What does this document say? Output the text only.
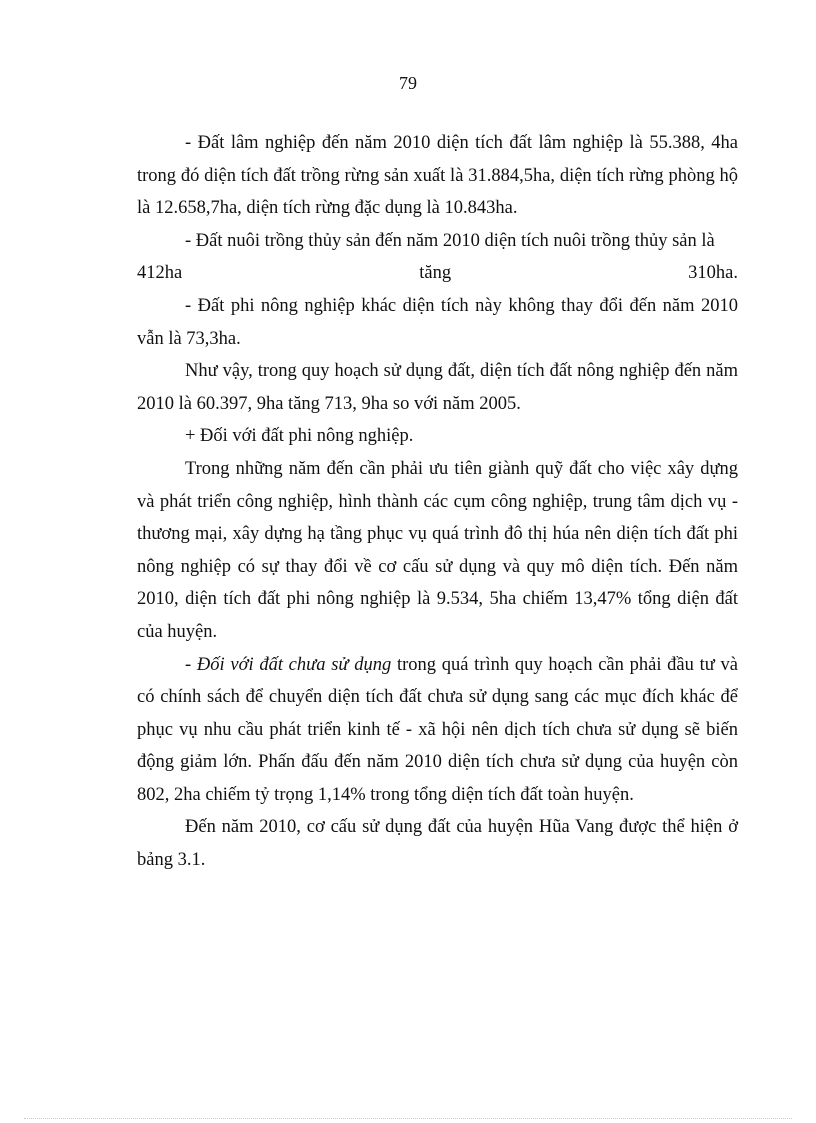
79

- Đất lâm nghiệp đến năm 2010 diện tích đất lâm nghiệp là 55.388, 4ha trong đó diện tích đất trồng rừng sản xuất là 31.884,5ha, diện tích rừng phòng hộ là 12.658,7ha, diện tích rừng đặc dụng là 10.843ha.

- Đất nuôi trồng thủy sản đến năm 2010 diện tích nuôi trồng thủy sản là

412ha	tăng	310ha.

- Đất phi nông nghiệp khác diện tích này không thay đổi đến năm 2010 vẫn là 73,3ha.

Như vậy, trong quy hoạch sử dụng đất, diện tích đất nông nghiệp đến năm 2010 là 60.397, 9ha tăng 713, 9ha so với năm 2005.

+ Đối với đất phi nông nghiệp.

Trong những năm đến cần phải ưu tiên giành quỹ đất cho việc xây dựng và phát triển công nghiệp, hình thành các cụm công nghiệp, trung tâm dịch vụ - thương mại, xây dựng hạ tầng phục vụ quá trình đô thị húa nên diện tích đất phi nông nghiệp có sự thay đổi về cơ cấu sử dụng và quy mô diện tích. Đến năm 2010, diện tích đất phi nông nghiệp là 9.534, 5ha chiếm 13,47% tổng diện đất của huyện.

- Đối với đất chưa sử dụng trong quá trình quy hoạch cần phải đầu tư và có chính sách để chuyển diện tích đất chưa sử dụng sang các mục đích khác để phục vụ nhu cầu phát triển kinh tế - xã hội nên dịch tích chưa sử dụng sẽ biến động giảm lớn. Phấn đấu đến năm 2010 diện tích chưa sử dụng của huyện còn 802, 2ha chiếm tỷ trọng 1,14% trong tổng diện tích đất toàn huyện.

Đến năm 2010, cơ cấu sử dụng đất của huyện Hũa Vang được thể hiện ở bảng 3.1.
